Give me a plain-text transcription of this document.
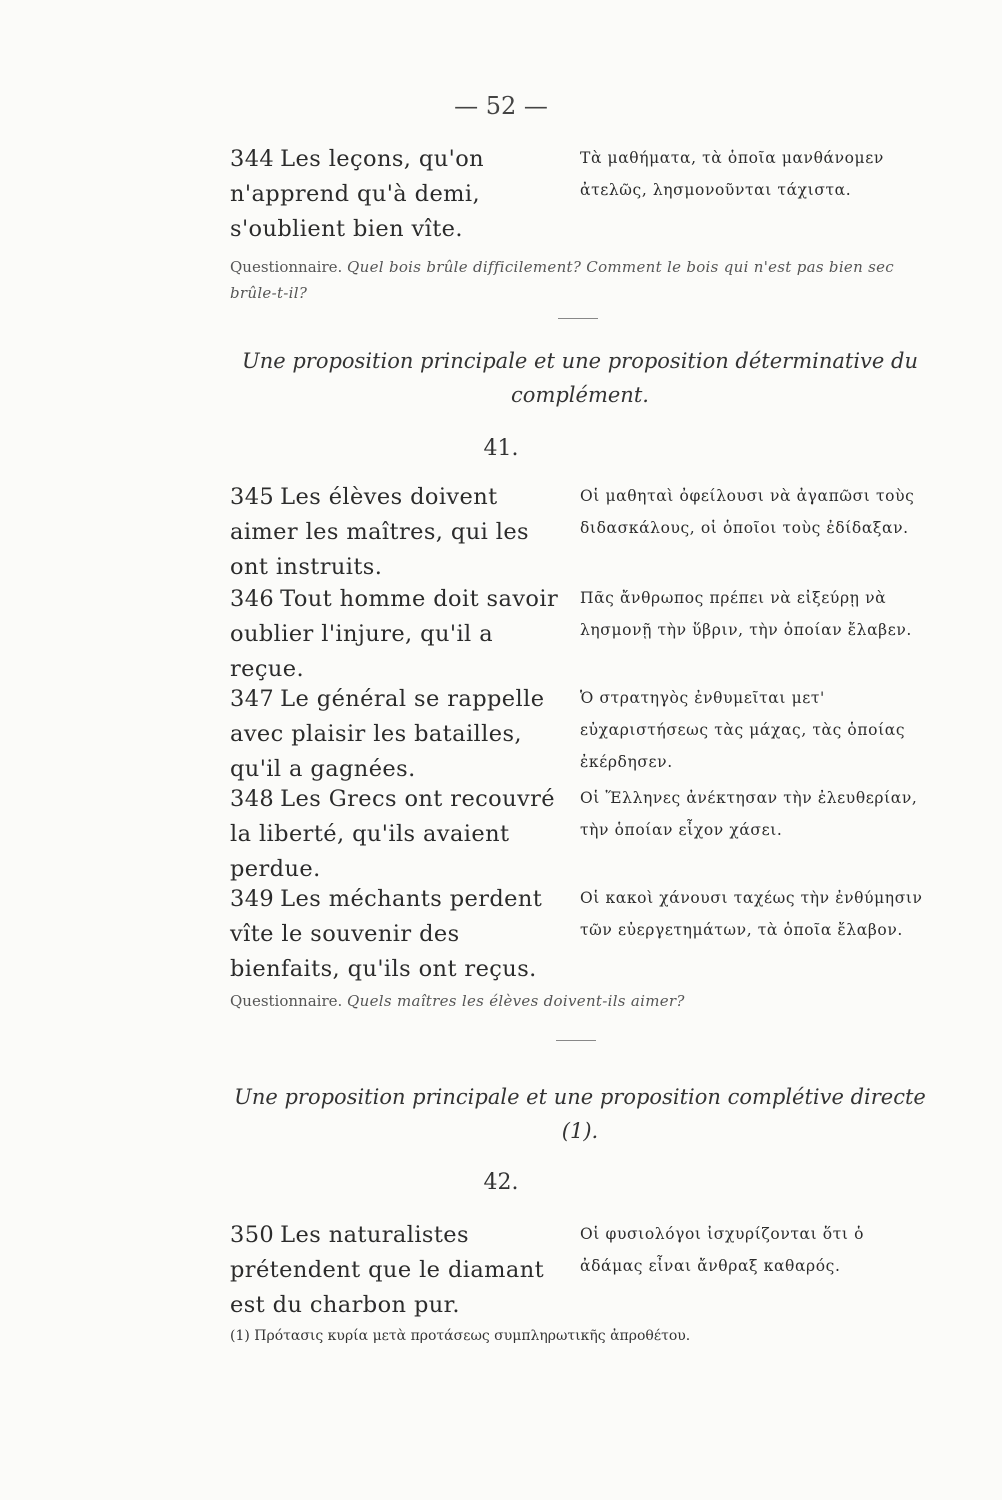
— 52 —
344 Les leçons, qu'on n'apprend qu'à demi, s'oublient bien vîte.
Τὰ μαθήματα, τὰ ὁποῖα μανθάνομεν ἀτελῶς, λησμονοῦνται τάχιστα.
Questionnaire. Quel bois brûle difficilement? Comment le bois qui n'est pas bien sec brûle-t-il?
Une proposition principale et une proposition déterminative du complément.
41.
345 Les élèves doivent aimer les maîtres, qui les ont instruits.
Οἱ μαθηταὶ ὀφείλουσι νὰ ἀγαπῶσι τοὺς διδασκάλους, οἱ ὁποῖοι τοὺς ἐδίδαξαν.
346 Tout homme doit savoir oublier l'injure, qu'il a reçue.
Πᾶς ἄνθρωπος πρέπει νὰ εἰξεύρῃ νὰ λησμονῇ τὴν ὕβριν, τὴν ὁποίαν ἔλαβεν.
347 Le général se rappelle avec plaisir les batailles, qu'il a gagnées.
Ὁ στρατηγὸς ἐνθυμεῖται μετ' εὐχαριστήσεως τὰς μάχας, τὰς ὁποίας ἐκέρδησεν.
348 Les Grecs ont recouvré la liberté, qu'ils avaient perdue.
Οἱ Ἕλληνες ἀνέκτησαν τὴν ἐλευθερίαν, τὴν ὁποίαν εἶχον χάσει.
349 Les méchants perdent vîte le souvenir des bienfaits, qu'ils ont reçus.
Οἱ κακοὶ χάνουσι ταχέως τὴν ἐνθύμησιν τῶν εὐεργετημάτων, τὰ ὁποῖα ἔλαβον.
Questionnaire. Quels maîtres les élèves doivent-ils aimer?
Une proposition principale et une proposition complétive directe (1).
42.
350 Les naturalistes prétendent que le diamant est du charbon pur.
Οἱ φυσιολόγοι ἰσχυρίζονται ὅτι ὁ ἀδάμας εἶναι ἄνθραξ καθαρός.
(1) Πρότασις κυρία μετὰ προτάσεως συμπληρωτικῆς ἀπροθέτου.
